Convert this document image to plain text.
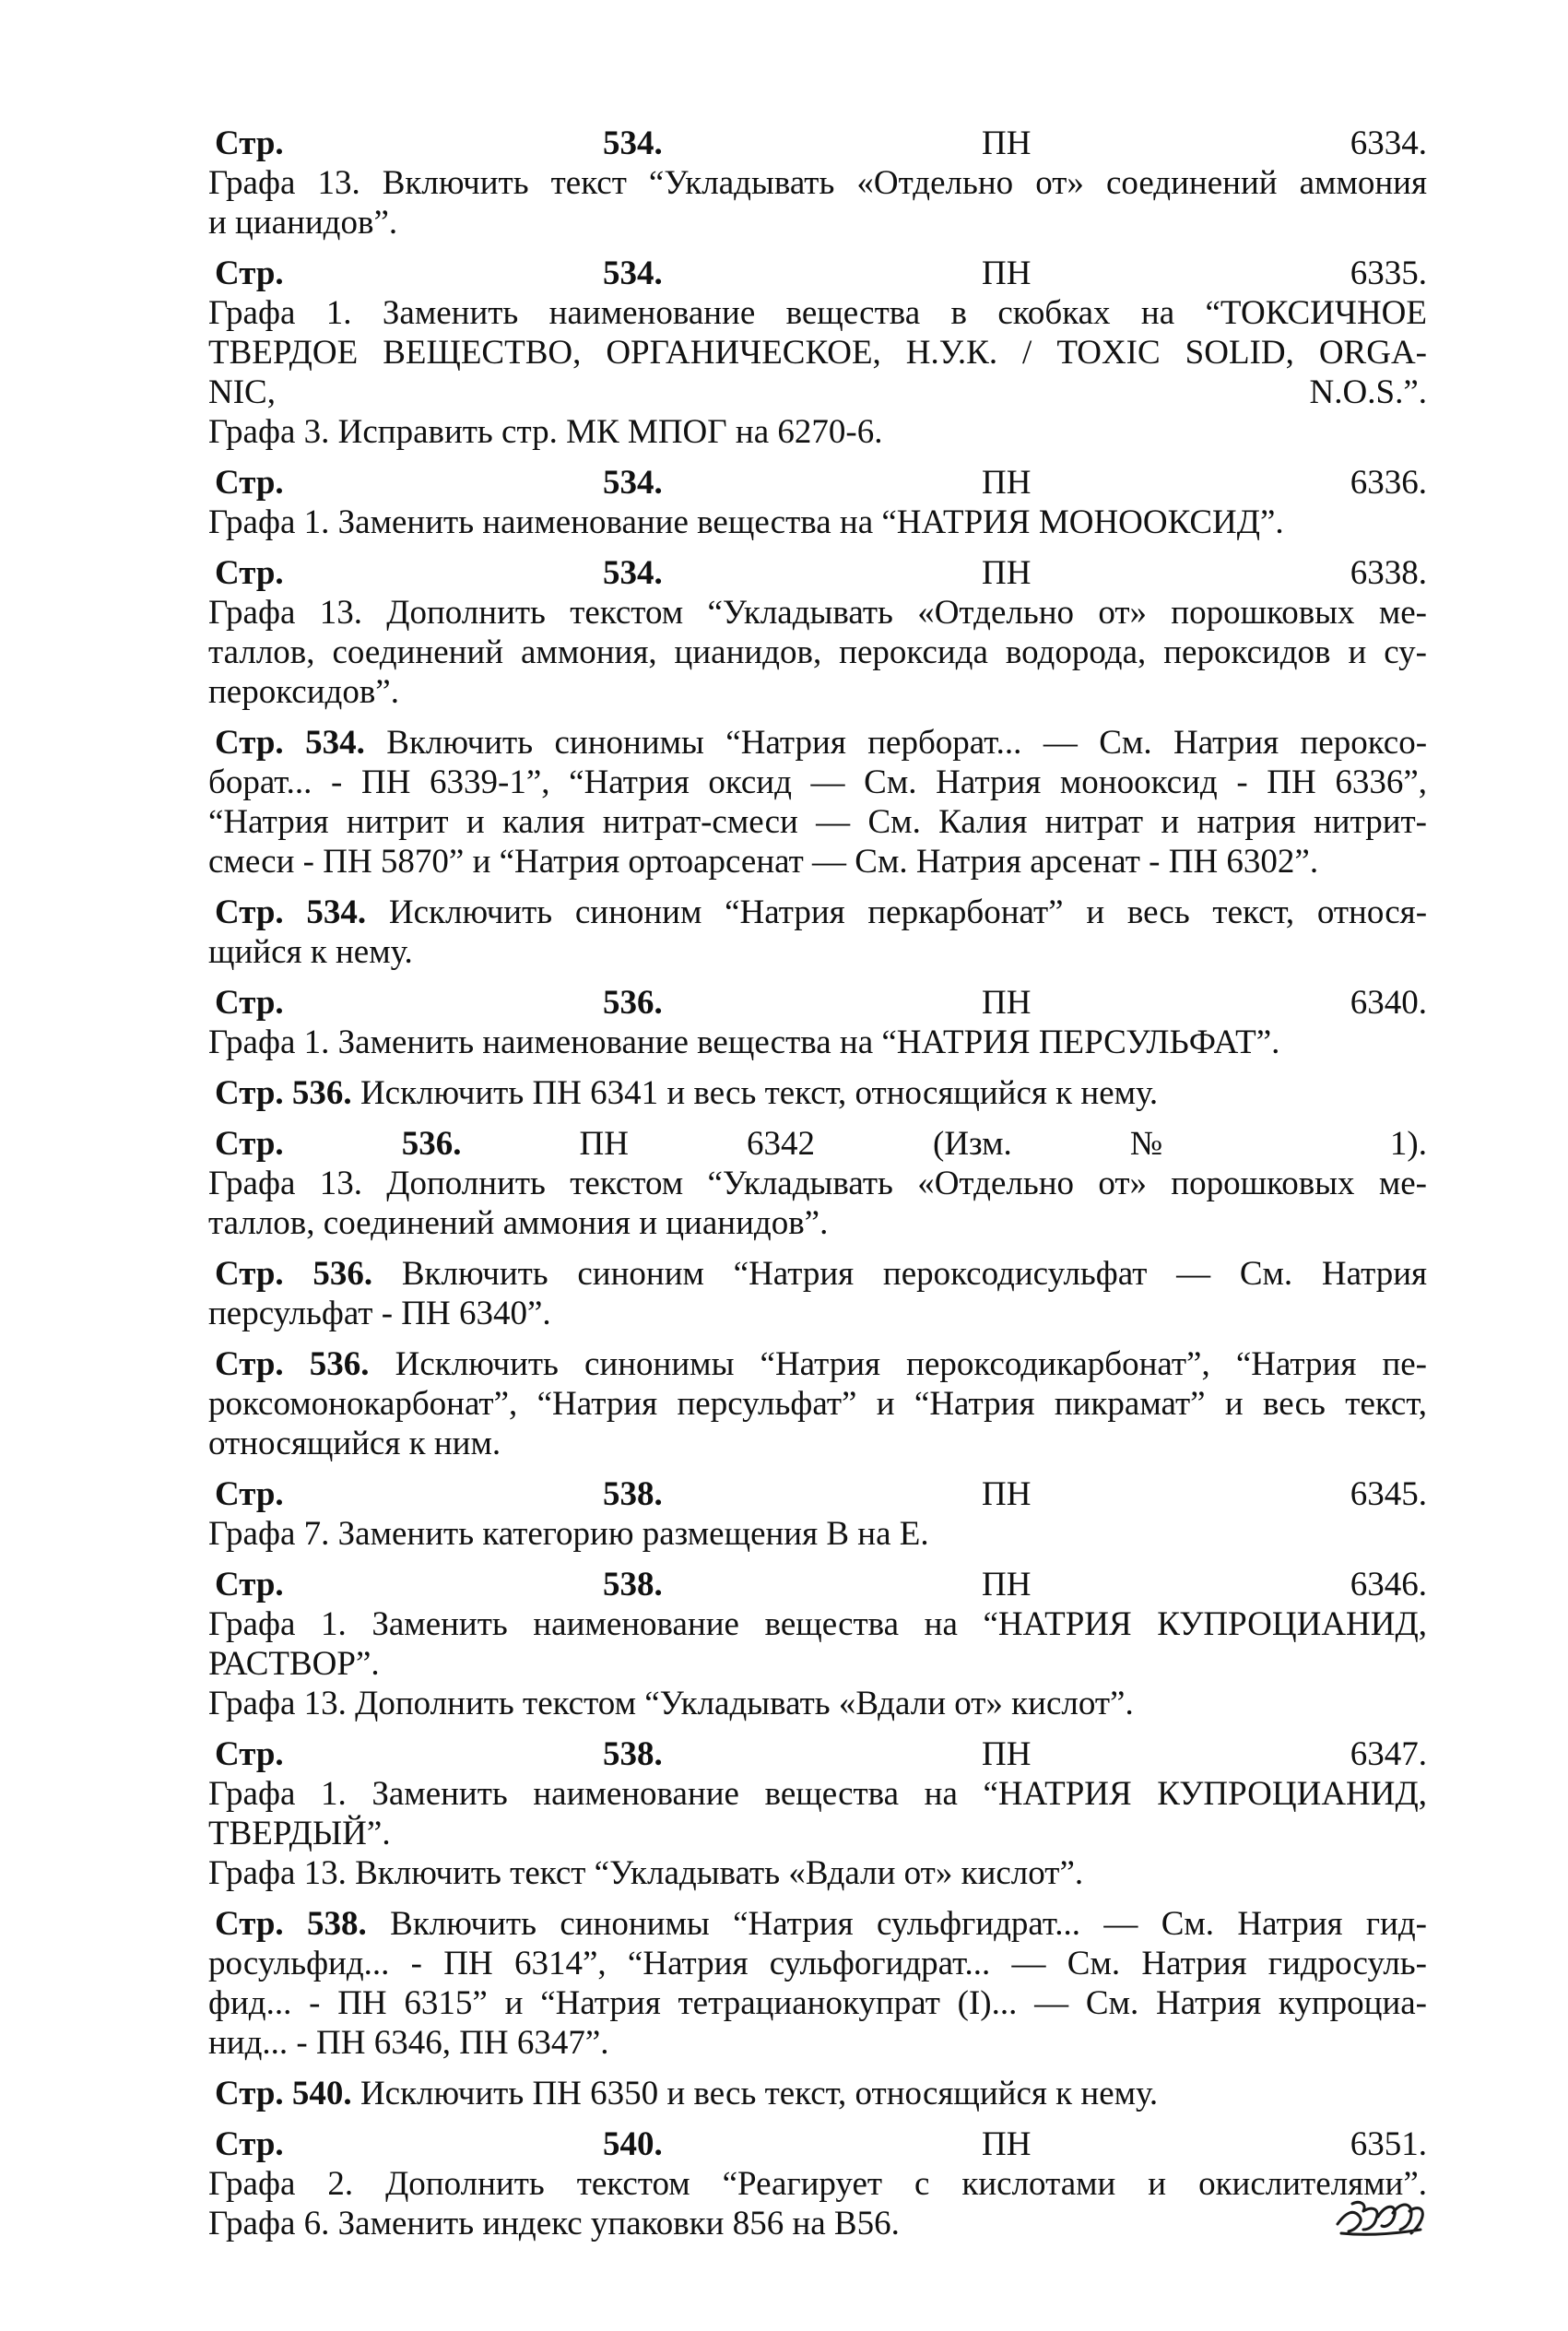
Стр. 534.	ПН 6334.
Графа 13. Включить текст “Укладывать «Отдельно от» соединений аммония
и цианидов”.
Стр. 534.	ПН 6335.
Графа 1. Заменить наименование вещества в скобках на “ТОКСИЧНОЕ
ТВЕРДОЕ ВЕЩЕСТВО, ОРГАНИЧЕСКОЕ, Н.У.К. / TOXIC SOLID, ORGA-
NIC, N.O.S.”.
Графа 3. Исправить стр. МК МПОГ на 6270-6.
Стр. 534.	ПН 6336.
Графа 1. Заменить наименование вещества на “НАТРИЯ МОНООКСИД”.
Стр. 534.	ПН 6338.
Графа 13. Дополнить текстом “Укладывать «Отдельно от» порошковых ме-
таллов, соединений аммония, цианидов, пероксида водорода, пероксидов и су-
пероксидов”.
Стр. 534. Включить синонимы “Натрия перборат... — См. Натрия пероксо-
борат... - ПН 6339-1”, “Натрия оксид — См. Натрия монооксид - ПН 6336”,
“Натрия нитрит и калия нитрат-смеси — См. Калия нитрат и натрия нитрит-
смеси - ПН 5870” и “Натрия ортоарсенат — См. Натрия арсенат - ПН 6302”.
Стр. 534. Исключить синоним “Натрия перкарбонат” и весь текст, относя-
щийся к нему.
Стр. 536.	ПН 6340.
Графа 1. Заменить наименование вещества на “НАТРИЯ ПЕРСУЛЬФАТ”.
Стр. 536. Исключить ПН 6341 и весь текст, относящийся к нему.
Стр. 536.	ПН 6342 (Изм. № 1).
Графа 13. Дополнить текстом “Укладывать «Отдельно от» порошковых ме-
таллов, соединений аммония и цианидов”.
Стр. 536. Включить синоним “Натрия пероксодисульфат — См. Натрия
персульфат - ПН 6340”.
Стр. 536. Исключить синонимы “Натрия пероксодикарбонат”, “Натрия пе-
роксомонокарбонат”, “Натрия персульфат” и “Натрия пикрамат” и весь текст,
относящийся к ним.
Стр. 538.	ПН 6345.
Графа 7. Заменить категорию размещения В на Е.
Стр. 538.	ПН 6346.
Графа 1. Заменить наименование вещества на “НАТРИЯ КУПРОЦИАНИД,
РАСТВОР”.
Графа 13. Дополнить текстом “Укладывать «Вдали от» кислот”.
Стр. 538.	ПН 6347.
Графа 1. Заменить наименование вещества на “НАТРИЯ КУПРОЦИАНИД,
ТВЕРДЫЙ”.
Графа 13. Включить текст “Укладывать «Вдали от» кислот”.
Стр. 538. Включить синонимы “Натрия сульфгидрат... — См. Натрия гид-
росульфид... - ПН 6314”, “Натрия сульфогидрат... — См. Натрия гидросуль-
фид... - ПН 6315” и “Натрия тетрацианокупрат (I)... — См. Натрия купроциа-
нид... - ПН 6346, ПН 6347”.
Стр. 540. Исключить ПН 6350 и весь текст, относящийся к нему.
Стр. 540.	ПН 6351.
Графа 2. Дополнить текстом “Реагирует с кислотами и окислителями”.
Графа 6. Заменить индекс упаковки 856 на В56.
